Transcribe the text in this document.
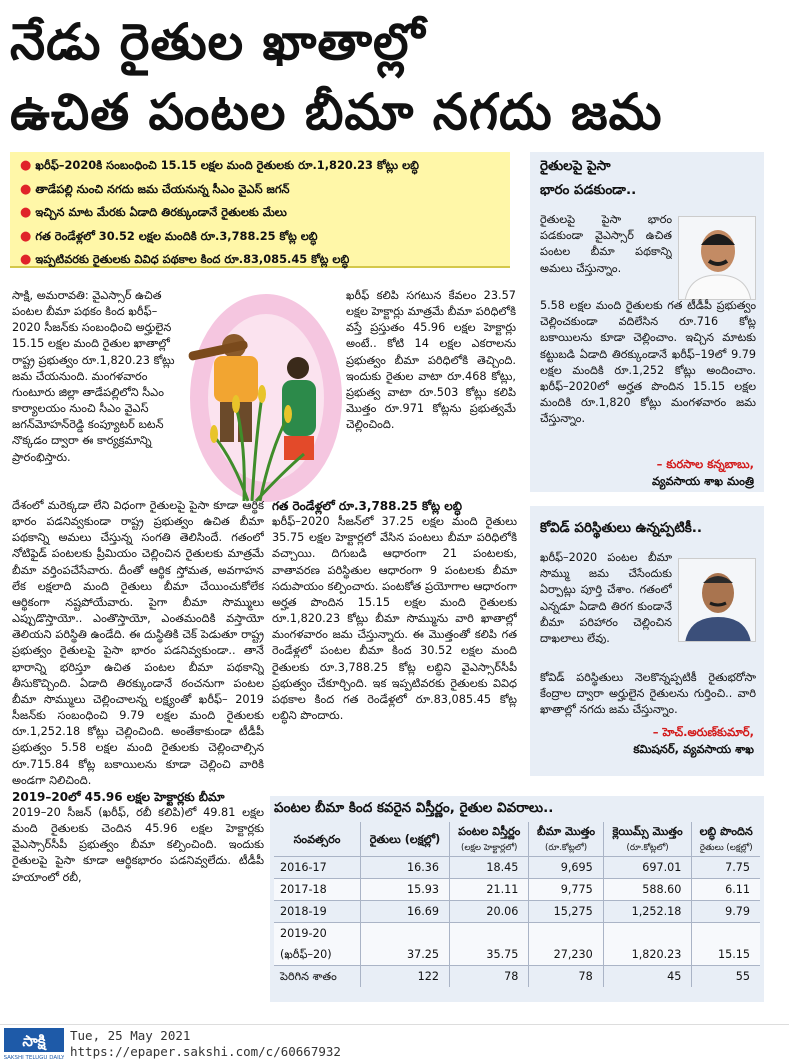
నేడు రైతుల ఖాతాల్లో
ఉచిత పంటల బీమా నగదు జమ
● ఖరీఫ్‌–2020కి సంబంధించి 15.15 లక్షల మంది రైతులకు రూ.1,820.23 కోట్లు లబ్ధి
● తాడేపల్లి నుంచి నగదు జమ చేయనున్న సీఎం వైఎస్‌ జగన్‌
● ఇచ్చిన మాట మేరకు ఏడాది తిరక్కుండానే రైతులకు మేలు
● గత రెండేళ్లలో 30.52 లక్షల మందికి రూ.3,788.25 కోట్ల లబ్ధి
● ఇప్పటివరకు రైతులకు వివిధ పథకాల కింద రూ.83,085.45 కోట్ల లబ్ధి

సాక్షి, అమరావతి: వైఎస్సార్‌ ఉచిత పంటల బీమా పథకం కింద ఖరీఫ్‌–2020 సీజన్‌కు సంబంధించి అర్హులైన 15.15 లక్షల మంది రైతుల ఖాతాల్లో రాష్ట్ర ప్రభుత్వం రూ.1,820.23 కోట్లు జమ చేయనుంది. మంగళవారం గుంటూరు జిల్లా తాడేపల్లిలోని సీఎం కార్యాలయం నుంచి సీఎం వైఎస్‌ జగన్‌మోహన్‌రెడ్డి కంప్యూటర్‌ బటన్‌ నొక్కడం ద్వారా ఈ కార్యక్రమాన్ని ప్రారంభిస్తారు.

దేశంలో మరెక్కడా లేని విధంగా రైతులపై పైసా కూడా ఆర్థిక భారం పడనివ్వకుండా రాష్ట్ర ప్రభుత్వం ఉచిత బీమా పథకాన్ని అమలు చేస్తున్న సంగతి తెలిసిందే. గతంలో నోటిఫైడ్‌ పంటలకు ప్రీమియం చెల్లించిన రైతులకు మాత్రమే బీమా వర్తింపచేసేవారు. దీంతో ఆర్థిక స్తోమత, అవగాహన లేక లక్షలాది మంది రైతులు బీమా చేయించుకోలేక ఆర్థికంగా నష్టపోయేవారు. పైగా బీమా సొమ్ములు ఎప్పుడొస్తాయో.. ఎంతొస్తాయో, ఎంతమందికి వస్తాయో తెలియని పరిస్థితి ఉండేది. ఈ దుస్థితికి చెక్‌ పెడుతూ రాష్ట్ర ప్రభుత్వం రైతులపై పైసా భారం పడనివ్వకుండా.. తానే భారాన్ని భరిస్తూ ఉచిత పంటల బీమా పథకాన్ని తీసుకొచ్చింది. ఏడాది తిరక్కుండానే ఠంచనుగా పంటల బీమా సొమ్ములు చెల్లించాలన్న లక్ష్యంతో ఖరీఫ్‌– 2019 సీజన్‌కు సంబంధించి 9.79 లక్షల మంది రైతులకు రూ.1,252.18 కోట్లు చెల్లించింది. అంతేకాకుండా టీడీపీ ప్రభుత్వం 5.58 లక్షల మంది రైతులకు చెల్లించాల్సిన రూ.715.84 కోట్ల బకాయిలను కూడా చెల్లించి వారికి అండగా నిలిచింది.

2019–20లో 45.96 లక్షల హెక్టార్లకు బీమా

2019–20 సీజన్‌ (ఖరీఫ్‌, రబీ కలిపి)లో 49.81 లక్షల మంది రైతులకు చెందిన 45.96 లక్షల హెక్టార్లకు వైఎస్సార్‌సీపీ ప్రభుత్వం బీమా కల్పించింది. ఇందుకు రైతులపై పైసా కూడా ఆర్థికభారం పడనివ్వలేదు. టీడీపీ హయాంలో రబీ,

ఖరీఫ్‌ కలిపి సగటున కేవలం 23.57 లక్షల హెక్టార్లు మాత్రమే బీమా పరిధిలోకి వస్తే ప్రస్తుతం 45.96 లక్షల హెక్టార్లు అంటే.. కోటి 14 లక్షల ఎకరాలను ప్రభుత్వం బీమా పరిధిలోకి తెచ్చింది. ఇందుకు రైతుల వాటా రూ.468 కోట్లు, ప్రభుత్వ వాటా రూ.503 కోట్లు కలిపి మొత్తం రూ.971 కోట్లను ప్రభుత్వమే చెల్లించింది.

గత రెండేళ్లలో రూ.3,788.25 కోట్ల లబ్ధి

ఖరీఫ్‌–2020 సీజన్‌లో 37.25 లక్షల మంది రైతులు 35.75 లక్షల హెక్టార్లలో వేసిన పంటలు బీమా పరిధిలోకి వచ్చాయి. దిగుబడి ఆధారంగా 21 పంటలకు, వాతావరణ పరిస్థితుల ఆధారంగా 9 పంటలకు బీమా సదుపాయం కల్పించారు. పంటకోత ప్రయోగాల ఆధారంగా అర్హత పొందిన 15.15 లక్షల మంది రైతులకు రూ.1,820.23 కోట్లు బీమా సొమ్మును వారి ఖాతాల్లో మంగళవారం జమ చేస్తున్నారు. ఈ మొత్తంతో కలిపి గత రెండేళ్లలో పంటల బీమా కింద 30.52 లక్షల మంది రైతులకు రూ.3,788.25 కోట్ల లబ్ధిని వైఎస్సార్‌సీపీ ప్రభుత్వం చేకూర్చింది. ఇక ఇప్పటివరకు రైతులకు వివిధ పథకాల కింద గత రెండేళ్లలో రూ.83,085.45 కోట్ల లబ్ధిని పొందారు.

రైతులపై పైసా
భారం పడకుండా..
రైతులపై పైసా భారం పడకుండా వైఎస్సార్‌ ఉచిత పంటల బీమా పథకాన్ని అమలు చేస్తున్నాం.
5.58 లక్షల మంది రైతులకు గత టీడీపీ ప్రభుత్వం చెల్లించకుండా వదిలేసిన రూ.716 కోట్ల బకాయిలను కూడా చెల్లించాం. ఇచ్చిన మాటకు కట్టుబడి ఏడాది తిరక్కుండానే ఖరీఫ్‌–19లో 9.79 లక్షల మందికి రూ.1,252 కోట్లు అందించాం. ఖరీఫ్‌–2020లో అర్హత పొందిన 15.15 లక్షల మందికి రూ.1,820 కోట్లు మంగళవారం జమ చేస్తున్నాం.
– కురసాల కన్నబాబు,
వ్యవసాయ శాఖ మంత్రి
కోవిడ్‌ పరిస్థితులు ఉన్నప్పటికీ..
ఖరీఫ్‌–2020 పంటల బీమా సొమ్ము జమ చేసేందుకు ఏర్పాట్లు పూర్తి చేశాం. గతంలో ఎన్నడూ ఏడాది తిరగ కుండానే బీమా పరిహారం చెల్లించిన దాఖలాలు లేవు.
కోవిడ్‌ పరిస్థితులు నెలకొన్నప్పటికీ రైతుభరోసా కేంద్రాల ద్వారా అర్హులైన రైతులను గుర్తించి.. వారి ఖాతాల్లో నగదు జమ చేస్తున్నాం.
– హెచ్‌.అరుణ్‌కుమార్‌,
కమిషనర్‌, వ్యవసాయ శాఖ
పంటల బీమా కింద కవరైన విస్తీర్ణం, రైతుల వివరాలు..
సంవత్సరం	రైతులు (లక్షల్లో)	పంటల విస్తీర్ణం
(లక్షల హెక్టార్లలో)	బీమా మొత్తం
(రూ.కోట్లలో)	క్లెయిమ్స్‌ మొత్తం
(రూ.కోట్లలో)	లబ్ధి పొందిన
రైతులు (లక్షల్లో)

2016-17	16.36	18.45	9,695	697.01	7.75
2017-18	15.93	21.11	9,775	588.60	6.11
2018-19	16.69	20.06	15,275	1,252.18	9.79
2019-20					
(ఖరీఫ్‌–20)	37.25	35.75	27,230	1,820.23	15.15
పెరిగిన శాతం	122	78	78	45	55
సాక్షి
SAKSHI TELUGU DAILY
Tue, 25 May 2021
https://epaper.sakshi.com/c/60667932
